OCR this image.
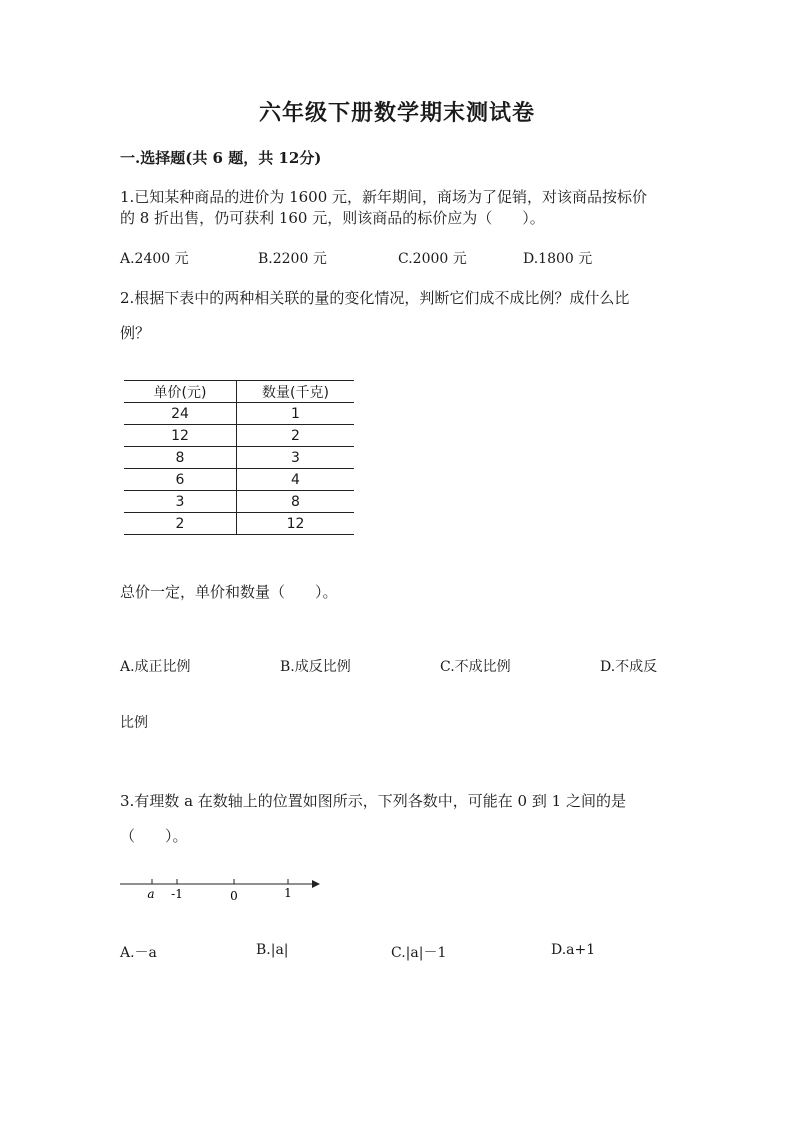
六年级下册数学期末测试卷
一.选择题(共 6 题，共 12分)
1.已知某种商品的进价为 1600 元，新年期间，商场为了促销，对该商品按标价
的 8 折出售，仍可获利 160 元，则该商品的标价应为（　　）。
A.2400 元	B.2200 元	C.2000 元	D.1800 元
2.根据下表中的两种相关联的量的变化情况，判断它们成不成比例？成什么比
例？
单价(元)	数量(千克)
24	1
12	2
8	3
6	4
3	8
2	12
总价一定，单价和数量（　　）。
A.成正比例	B.成反比例	C.不成比例	D.不成反
比例
3.有理数 a 在数轴上的位置如图所示，下列各数中，可能在 0 到 1 之间的是
（　　）。
a -1	0	1
A.－a	B.|a|	C.|a|－1	D.a+1
